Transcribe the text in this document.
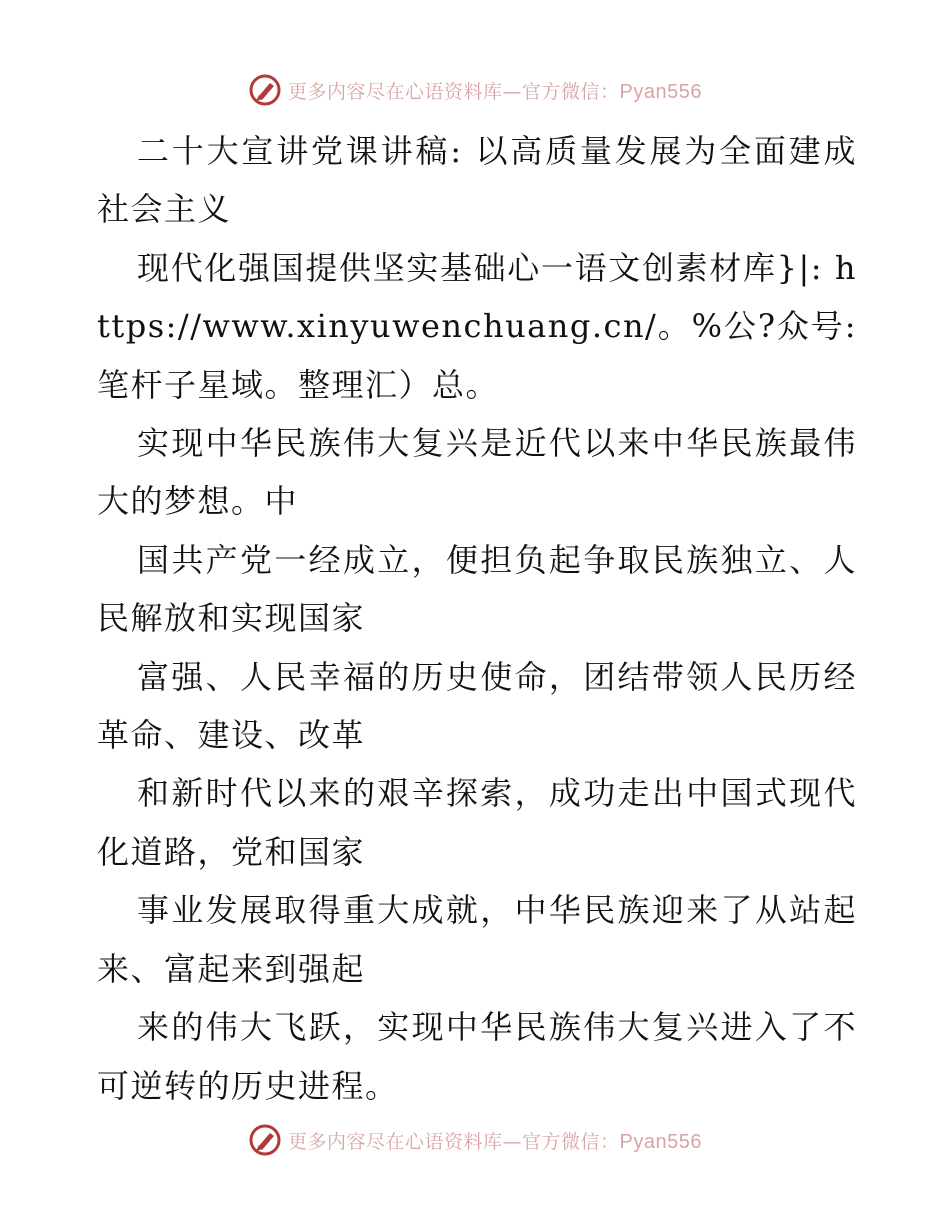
更多内容尽在心语资料库—官方微信：Pyan556

二十大宣讲党课讲稿: 以高质量发展为全面建成社会主义

现代化强国提供坚实基础心一语文创素材库}|: https://www.xinyuwenchuang.cn/。%公?众号: 笔杆子星域。整理汇）总。

实现中华民族伟大复兴是近代以来中华民族最伟大的梦想。中

国共产党一经成立，便担负起争取民族独立、人民解放和实现国家

富强、人民幸福的历史使命，团结带领人民历经革命、建设、改革

和新时代以来的艰辛探索，成功走出中国式现代化道路，党和国家

事业发展取得重大成就，中华民族迎来了从站起来、富起来到强起

来的伟大飞跃，实现中华民族伟大复兴进入了不可逆转的历史进程。

更多内容尽在心语资料库—官方微信：Pyan556
